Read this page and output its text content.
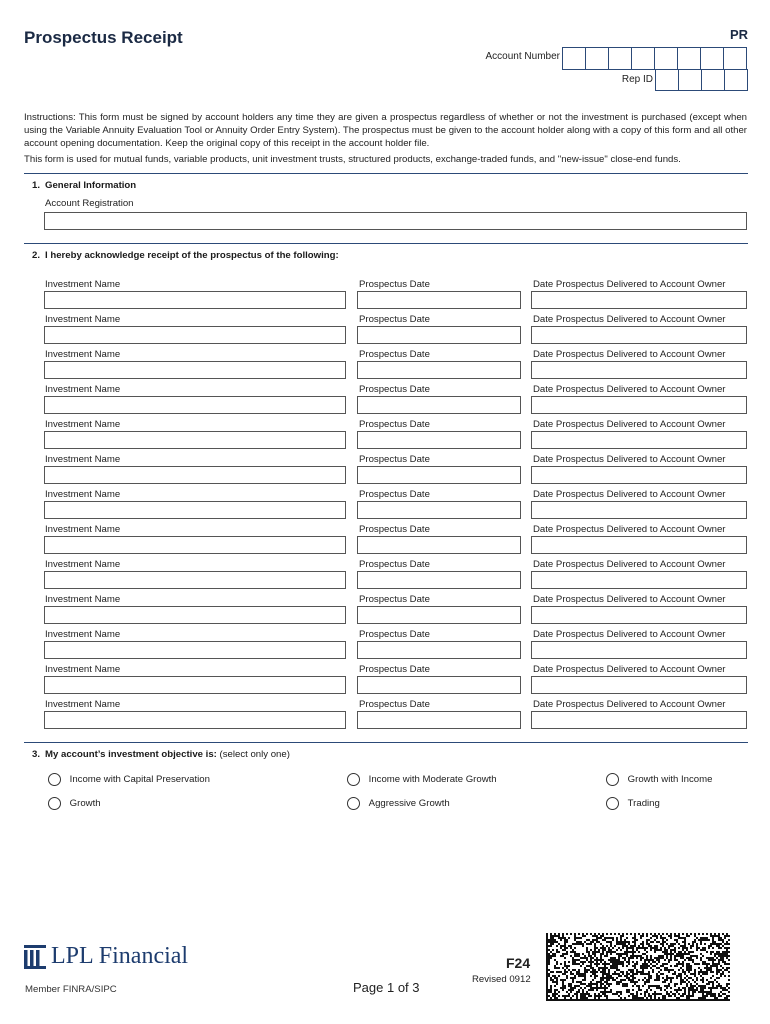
Prospectus Receipt	PR
Account Number
Rep ID
Instructions: This form must be signed by account holders any time they are given a prospectus regardless of whether or not the investment is purchased (except when using the Variable Annuity Evaluation Tool or Annuity Order Entry System). The prospectus must be given to the account holder along with a copy of this form and all other account opening documentation. Keep the original copy of this receipt in the account holder file.
This form is used for mutual funds, variable products, unit investment trusts, structured products, exchange-traded funds, and "new-issue" close-end funds.
1. General Information
Account Registration
2. I hereby acknowledge receipt of the prospectus of the following:
Investment Name	Prospectus Date	Date Prospectus Delivered to Account Owner
Investment Name	Prospectus Date	Date Prospectus Delivered to Account Owner
Investment Name	Prospectus Date	Date Prospectus Delivered to Account Owner
Investment Name	Prospectus Date	Date Prospectus Delivered to Account Owner
Investment Name	Prospectus Date	Date Prospectus Delivered to Account Owner
Investment Name	Prospectus Date	Date Prospectus Delivered to Account Owner
Investment Name	Prospectus Date	Date Prospectus Delivered to Account Owner
Investment Name	Prospectus Date	Date Prospectus Delivered to Account Owner
Investment Name	Prospectus Date	Date Prospectus Delivered to Account Owner
Investment Name	Prospectus Date	Date Prospectus Delivered to Account Owner
Investment Name	Prospectus Date	Date Prospectus Delivered to Account Owner
Investment Name	Prospectus Date	Date Prospectus Delivered to Account Owner
Investment Name	Prospectus Date	Date Prospectus Delivered to Account Owner
3. My account’s investment objective is: (select only one)
Income with Capital Preservation	Income with Moderate Growth	Growth with Income
Growth	Aggressive Growth	Trading
LPL Financial
Member FINRA/SIPC	Page 1 of 3
F24
Revised 0912
